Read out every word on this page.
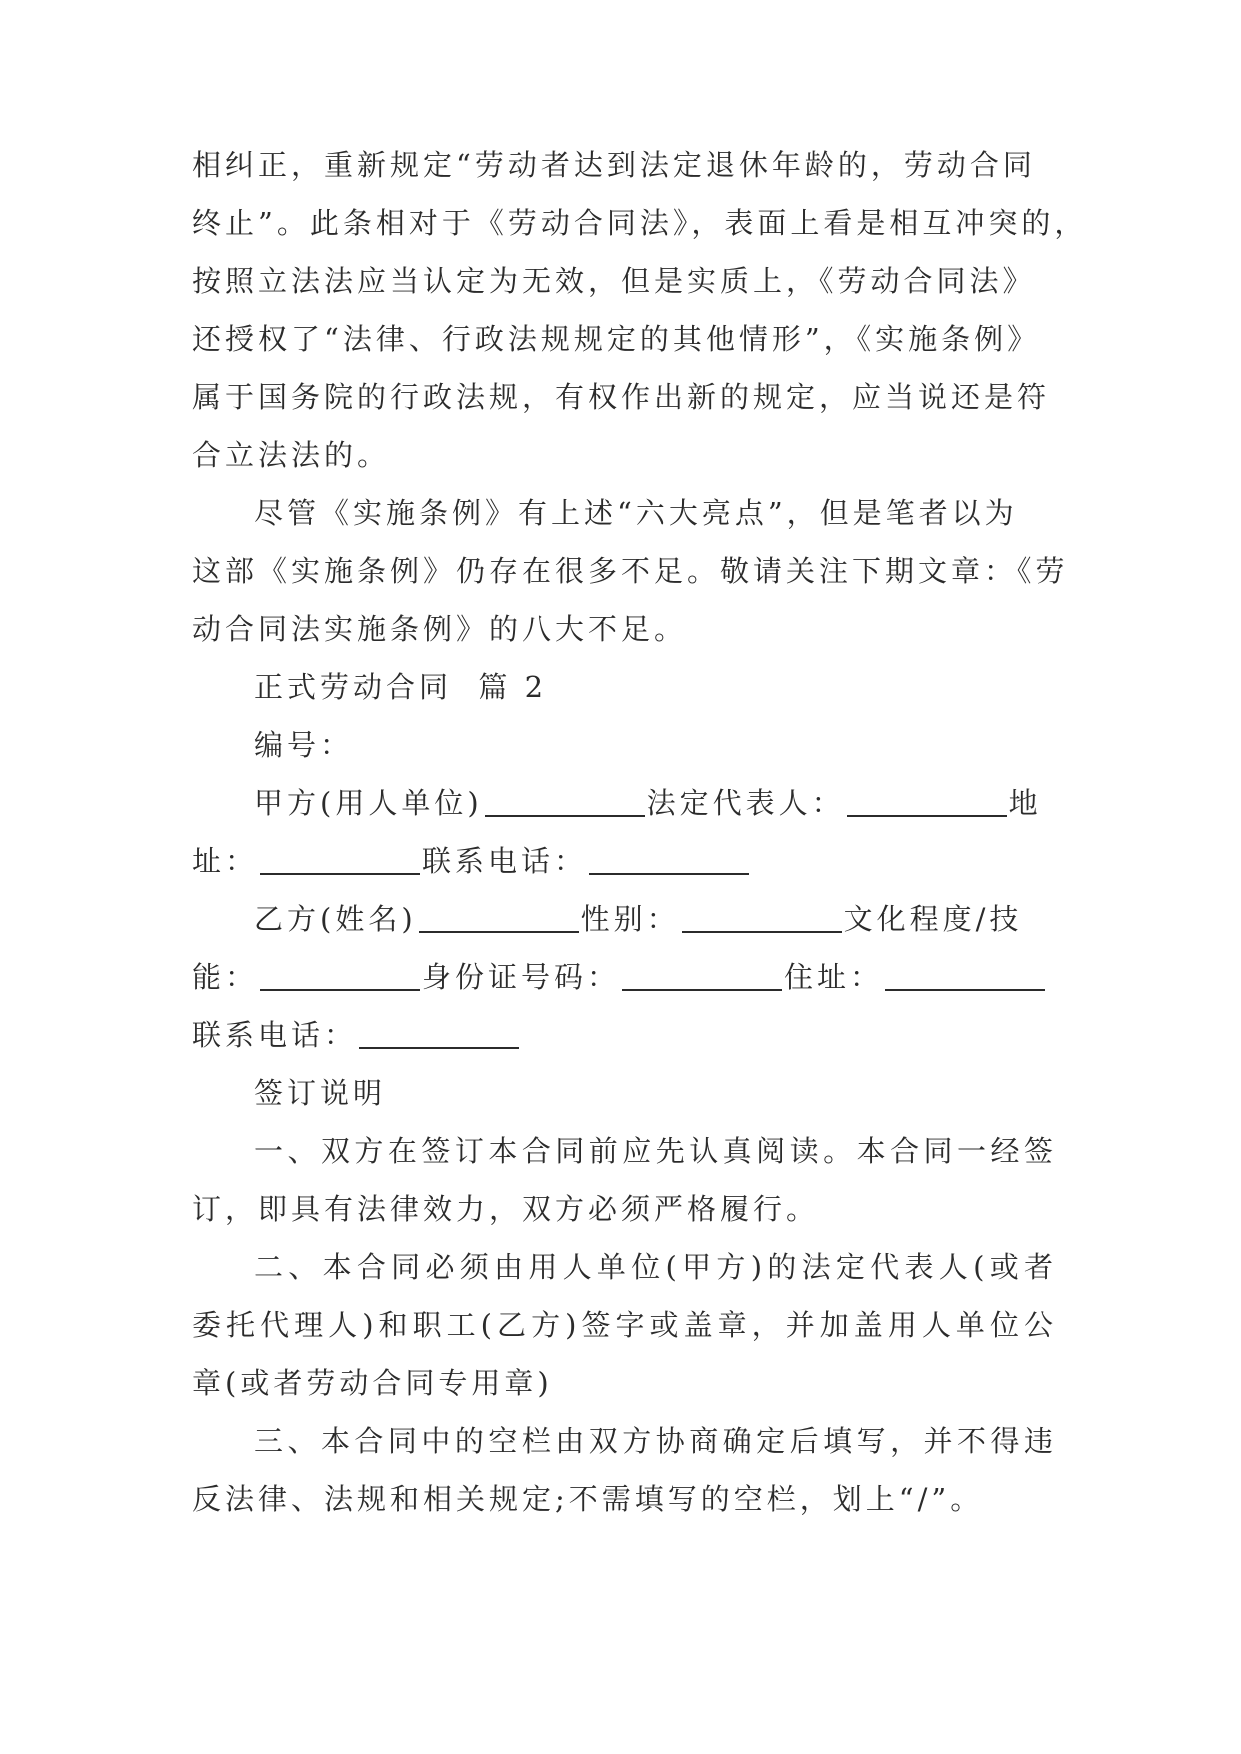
相纠正，重新规定“劳动者达到法定退休年龄的，劳动合同
终止”。此条相对于《劳动合同法》，表面上看是相互冲突的，
按照立法法应当认定为无效，但是实质上，《劳动合同法》
还授权了“法律、行政法规规定的其他情形”，《实施条例》
属于国务院的行政法规，有权作出新的规定，应当说还是符
合立法法的。

尽管《实施条例》有上述“六大亮点”，但是笔者以为
这部《实施条例》仍存在很多不足。敬请关注下期文章：《劳
动合同法实施条例》的八大不足。

正式劳动合同  篇 2

编号：

甲方(用人单位)	法定代表人：	地
址：	联系电话：

乙方(姓名)	性别：	文化程度/技
能：	身份证号码：	住址：
联系电话：

签订说明

一、双方在签订本合同前应先认真阅读。本合同一经签订，即具有法律效力，双方必须严格履行。

二、本合同必须由用人单位(甲方)的法定代表人(或者委托代理人)和职工(乙方)签字或盖章，并加盖用人单位公章(或者劳动合同专用章)

三、本合同中的空栏由双方协商确定后填写，并不得违反法律、法规和相关规定;不需填写的空栏，划上“/”。
